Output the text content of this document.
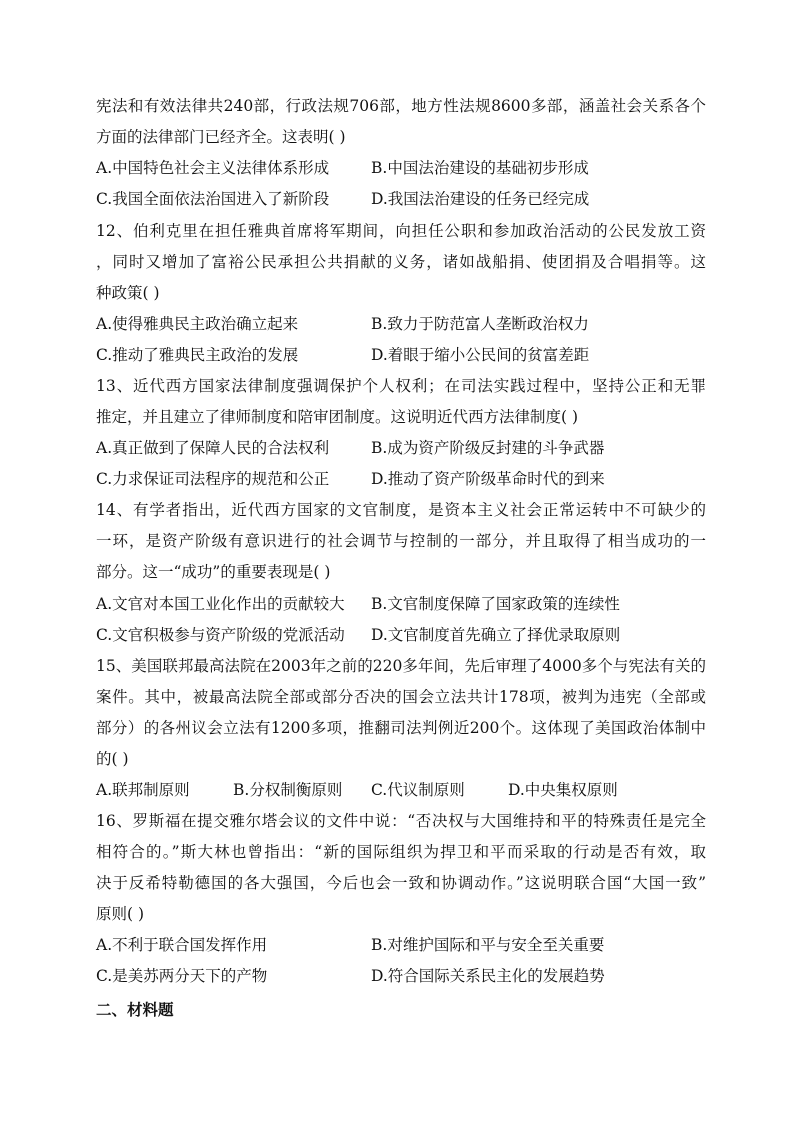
宪法和有效法律共240部，行政法规706部，地方性法规8600多部，涵盖社会关系各个
方面的法律部门已经齐全。这表明( )
A.中国特色社会主义法律体系形成	B.中国法治建设的基础初步形成
C.我国全面依法治国进入了新阶段	D.我国法治建设的任务已经完成
12、伯利克里在担任雅典首席将军期间，向担任公职和参加政治活动的公民发放工资
，同时又增加了富裕公民承担公共捐献的义务，诸如战船捐、使团捐及合唱捐等。这
种政策( )
A.使得雅典民主政治确立起来	B.致力于防范富人垄断政治权力
C.推动了雅典民主政治的发展	D.着眼于缩小公民间的贫富差距
13、近代西方国家法律制度强调保护个人权利；在司法实践过程中，坚持公正和无罪
推定，并且建立了律师制度和陪审团制度。这说明近代西方法律制度( )
A.真正做到了保障人民的合法权利	B.成为资产阶级反封建的斗争武器
C.力求保证司法程序的规范和公正	D.推动了资产阶级革命时代的到来
14、有学者指出，近代西方国家的文官制度，是资本主义社会正常运转中不可缺少的
一环，是资产阶级有意识进行的社会调节与控制的一部分，并且取得了相当成功的一
部分。这一“成功”的重要表现是( )
A.文官对本国工业化作出的贡献较大 B.文官制度保障了国家政策的连续性
C.文官积极参与资产阶级的党派活动 D.文官制度首先确立了择优录取原则
15、美国联邦最高法院在2003年之前的220多年间，先后审理了4000多个与宪法有关的
案件。其中，被最高法院全部或部分否决的国会立法共计178项，被判为违宪（全部或
部分）的各州议会立法有1200多项，推翻司法判例近200个。这体现了美国政治体制中
的( )
A.联邦制原则	B.分权制衡原则 C.代议制原则	D.中央集权原则
16、罗斯福在提交雅尔塔会议的文件中说：“否决权与大国维持和平的特殊责任是完全
相符合的。”斯大林也曾指出：“新的国际组织为捍卫和平而采取的行动是否有效，取
决于反希特勒德国的各大强国，今后也会一致和协调动作。”这说明联合国“大国一致”
原则( )
A.不利于联合国发挥作用	B.对维护国际和平与安全至关重要
C.是美苏两分天下的产物	D.符合国际关系民主化的发展趋势
二、材料题
